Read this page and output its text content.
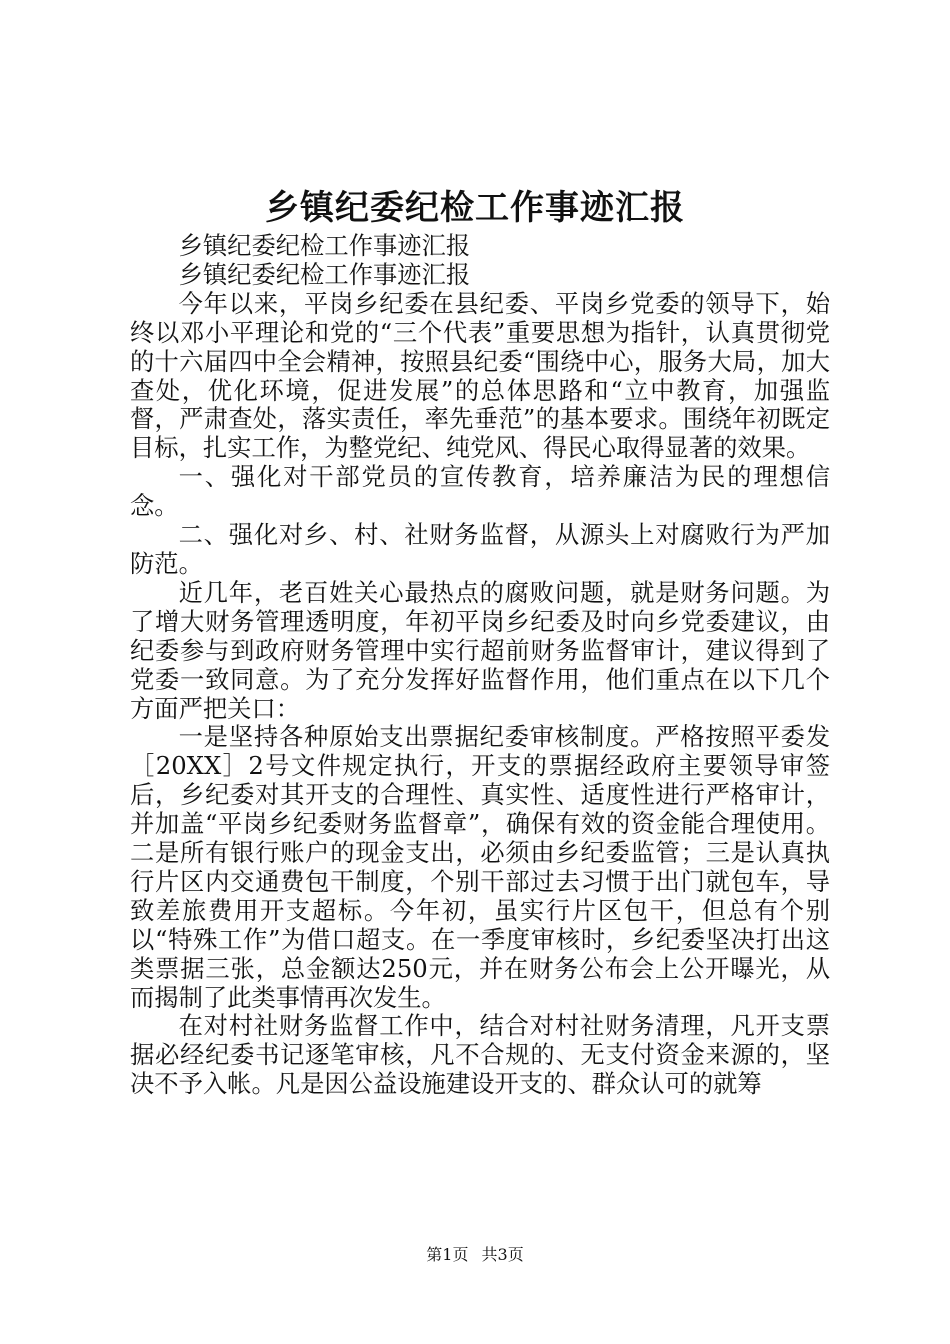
乡镇纪委纪检工作事迹汇报

乡镇纪委纪检工作事迹汇报

乡镇纪委纪检工作事迹汇报

今年以来，平岗乡纪委在县纪委、平岗乡党委的领导下，始终以邓小平理论和党的“三个代表”重要思想为指针，认真贯彻党的十六届四中全会精神，按照县纪委“围绕中心，服务大局，加大查处，优化环境，促进发展”的总体思路和“立中教育，加强监督，严肃查处，落实责任，率先垂范”的基本要求。围绕年初既定目标，扎实工作，为整党纪、纯党风、得民心取得显著的效果。

一、强化对干部党员的宣传教育，培养廉洁为民的理想信念。

二、强化对乡、村、社财务监督，从源头上对腐败行为严加防范。

近几年，老百姓关心最热点的腐败问题，就是财务问题。为了增大财务管理透明度，年初平岗乡纪委及时向乡党委建议，由纪委参与到政府财务管理中实行超前财务监督审计，建议得到了党委一致同意。为了充分发挥好监督作用，他们重点在以下几个方面严把关口：

一是坚持各种原始支出票据纪委审核制度。严格按照平委发［20XX］2号文件规定执行，开支的票据经政府主要领导审签后，乡纪委对其开支的合理性、真实性、适度性进行严格审计，并加盖“平岗乡纪委财务监督章”，确保有效的资金能合理使用。二是所有银行账户的现金支出，必须由乡纪委监管；三是认真执行片区内交通费包干制度，个别干部过去习惯于出门就包车，导致差旅费用开支超标。今年初，虽实行片区包干，但总有个别以“特殊工作”为借口超支。在一季度审核时，乡纪委坚决打出这类票据三张，总金额达250元，并在财务公布会上公开曝光，从而揭制了此类事情再次发生。

在对村社财务监督工作中，结合对村社财务清理，凡开支票据必经纪委书记逐笔审核，凡不合规的、无支付资金来源的，坚决不予入帐。凡是因公益设施建设开支的、群众认可的就筹

第1页 共3页
